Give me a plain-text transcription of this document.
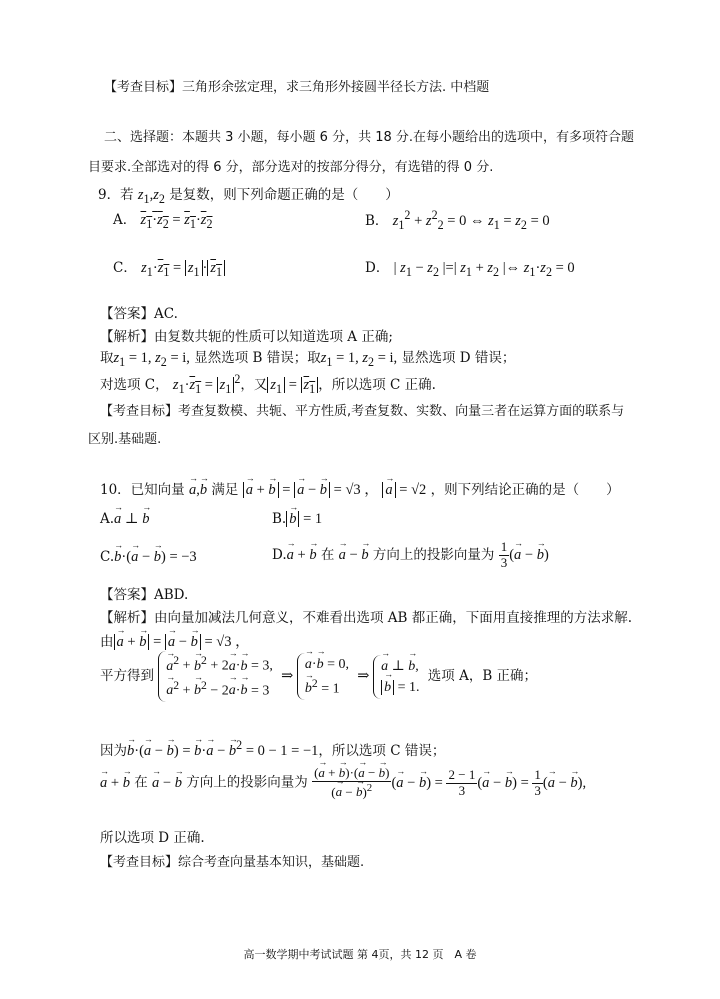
【考查目标】三角形余弦定理，求三角形外接圆半径长方法. 中档题
二、选择题：本题共 3 小题，每小题 6 分，共 18 分.在每小题给出的选项中，有多项符合题
目要求.全部选对的得 6 分，部分选对的按部分得分，有选错的得 0 分.
9．若 $z_1,z_2$ 是复数，则下列命题正确的是（　　）
A． $z_1\cdot z_2 = z_1\cdot z_2$	B． $z_1^2 + z^2_2 = 0$ ⇔ $z_1 = z_2 = 0$
C． $z_1\cdot z_1 = z_1 \cdot z_1$	D． | $z_1 - z_2$ |=| $z_1 + z_2$ |⇔ $z_1\cdot z_2 = 0$
【答案】AC.
【解析】由复数共轭的性质可以知道选项 A 正确;
取$z_1 = 1$, $z_2 = i$, 显然选项 B 错误；取$z_1 = 1$, $z_2 = i$, 显然选项 D 错误；
对选项 C， $z_1\cdot z_1 = z_1^2$，又 $z_1 = z_1$ ，所以选项 C 正确.
【考查目标】考查复数模、共轭、平方性质,考查复数、实数、向量三者在运算方面的联系与
区别.基础题.
10．已知向量 → a,→ b 满足 → a + → b = → a − → b = √3 ， → a = √2 ，则下列结论正确的是（　　）
A.→ a ⊥ → b	B. → b = 1
C.→ b·(→ a − → b) = −3	D.→ a + → b 在 → a − → b 方向上的投影向量为 $\frac{1}{3}$ (→ a − → b)
【答案】ABD.
【解析】由向量加减法几何意义，不难看出选项 AB 都正确，下面用直接推理的方法求解.
由 → a + → b = → a − → b = √3 ，
平方得到 → $a^2$ + → $b^2 + 2\to a\cdot\to b = 3$,
→ $a^2$ + → $b^2 - 2\to a\cdot\to b = 3$ ⇒ → a·→ b = 0,
→ $b^2 = 1$ ⇒ → a ⊥ → b,
→ b = 1. 选项 A，B 正确；
因为→ b·(→ a − → b) = → b·→ a − → $b^2 = 0 - 1 = -1$，所以选项 C 错误；
→ a + → b 在 → a − → b 方向上的投影向量为 $\frac{(\to a + \to b)\cdot(\to a - \to b)}{(\to a - \to b)^2}$ (→ a − → $b) = \frac{2 - 1}{3}$ (→ a − → $b) = \frac{1}{3}$ (→ a − → b),
所以选项 D 正确.
【考查目标】综合考查向量基本知识，基础题.
高一数学期中考试试题 第 4页，共 12 页　A 卷
